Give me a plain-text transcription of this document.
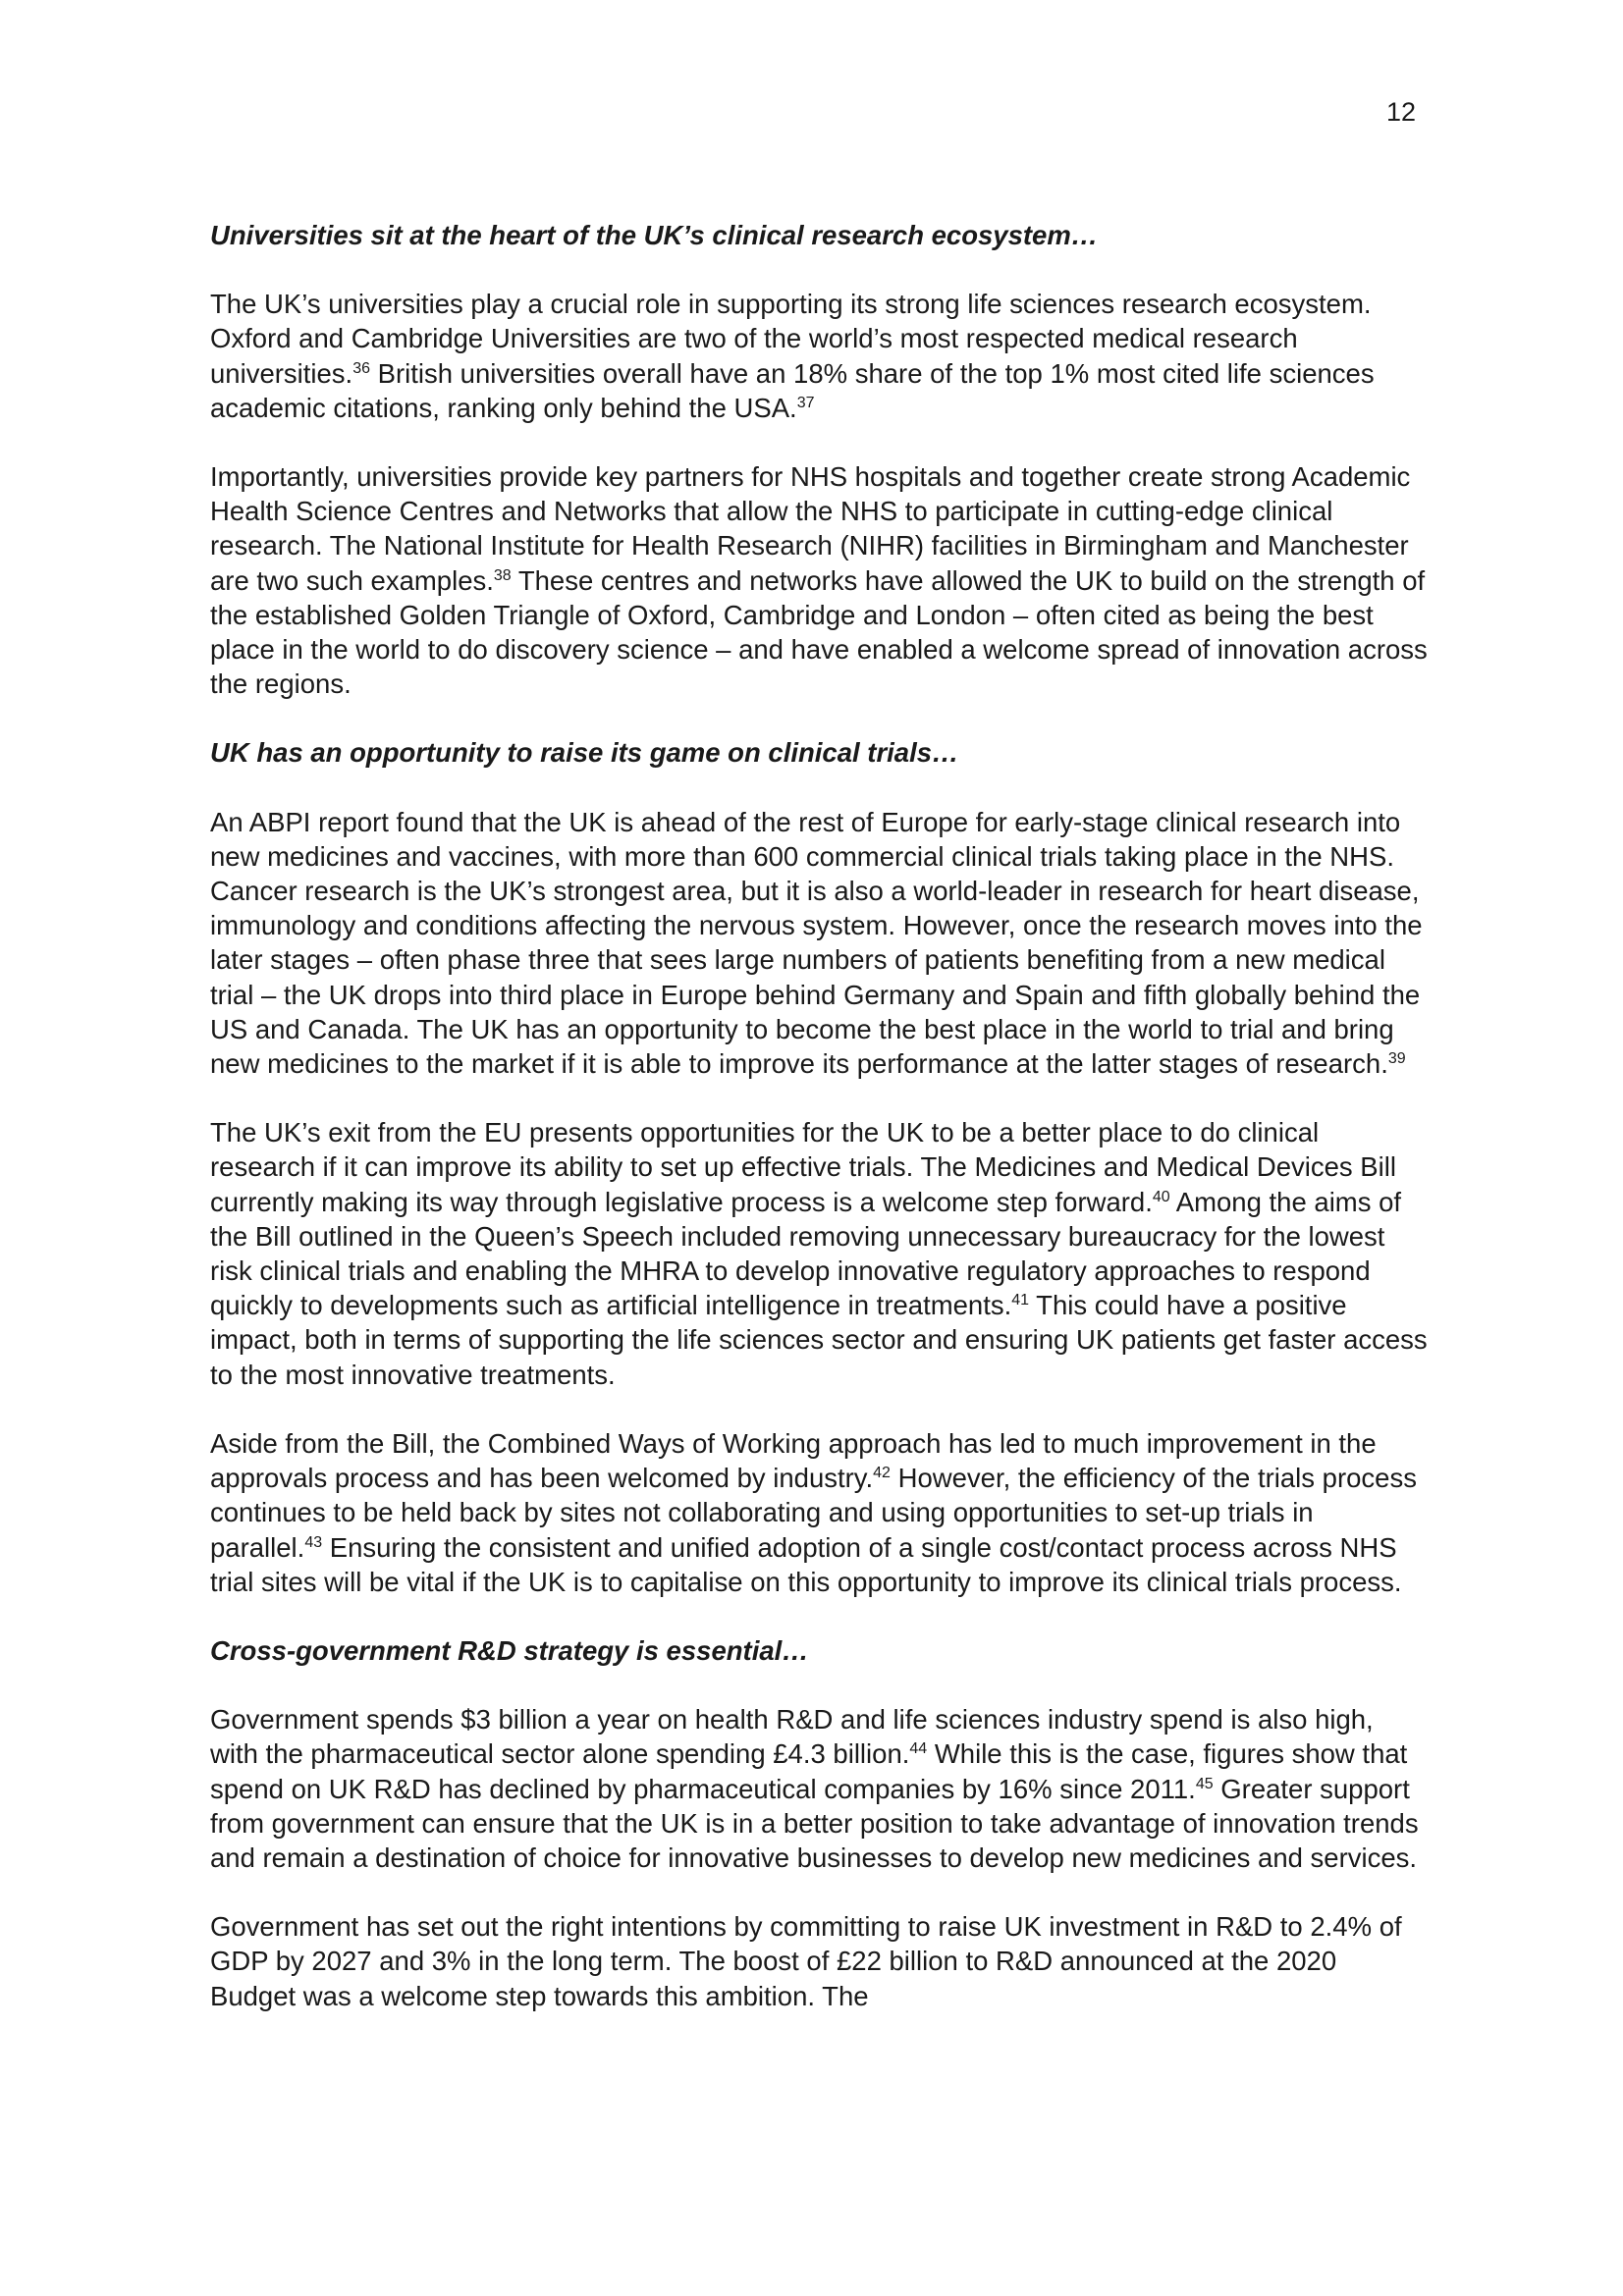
12
Universities sit at the heart of the UK’s clinical research ecosystem…

The UK’s universities play a crucial role in supporting its strong life sciences research ecosystem. Oxford and Cambridge Universities are two of the world’s most respected medical research universities.$^{36}$ British universities overall have an 18% share of the top 1% most cited life sciences academic citations, ranking only behind the USA.$^{37}$

Importantly, universities provide key partners for NHS hospitals and together create strong Academic Health Science Centres and Networks that allow the NHS to participate in cutting-edge clinical research. The National Institute for Health Research (NIHR) facilities in Birmingham and Manchester are two such examples.$^{38}$ These centres and networks have allowed the UK to build on the strength of the established Golden Triangle of Oxford, Cambridge and London – often cited as being the best place in the world to do discovery science – and have enabled a welcome spread of innovation across the regions.

UK has an opportunity to raise its game on clinical trials…

An ABPI report found that the UK is ahead of the rest of Europe for early-stage clinical research into new medicines and vaccines, with more than 600 commercial clinical trials taking place in the NHS. Cancer research is the UK’s strongest area, but it is also a world-leader in research for heart disease, immunology and conditions affecting the nervous system. However, once the research moves into the later stages – often phase three that sees large numbers of patients benefiting from a new medical trial – the UK drops into third place in Europe behind Germany and Spain and fifth globally behind the US and Canada. The UK has an opportunity to become the best place in the world to trial and bring new medicines to the market if it is able to improve its performance at the latter stages of research.$^{39}$

The UK’s exit from the EU presents opportunities for the UK to be a better place to do clinical research if it can improve its ability to set up effective trials. The Medicines and Medical Devices Bill currently making its way through legislative process is a welcome step forward.$^{40}$ Among the aims of the Bill outlined in the Queen’s Speech included removing unnecessary bureaucracy for the lowest risk clinical trials and enabling the MHRA to develop innovative regulatory approaches to respond quickly to developments such as artificial intelligence in treatments.$^{41}$ This could have a positive impact, both in terms of supporting the life sciences sector and ensuring UK patients get faster access to the most innovative treatments.

Aside from the Bill, the Combined Ways of Working approach has led to much improvement in the approvals process and has been welcomed by industry.$^{42}$ However, the efficiency of the trials process continues to be held back by sites not collaborating and using opportunities to set-up trials in parallel.$^{43}$ Ensuring the consistent and unified adoption of a single cost/contact process across NHS trial sites will be vital if the UK is to capitalise on this opportunity to improve its clinical trials process.

Cross-government R&D strategy is essential…

Government spends $3 billion a year on health R&D and life sciences industry spend is also high, with the pharmaceutical sector alone spending £4.3 billion.$^{44}$ While this is the case, figures show that spend on UK R&D has declined by pharmaceutical companies by 16% since 2011.45 Greater support from government can ensure that the UK is in a better position to take advantage of innovation trends and remain a destination of choice for innovative businesses to develop new medicines and services.

Government has set out the right intentions by committing to raise UK investment in R&D to 2.4% of GDP by 2027 and 3% in the long term. The boost of £22 billion to R&D announced at the 2020 Budget was a welcome step towards this ambition. The
